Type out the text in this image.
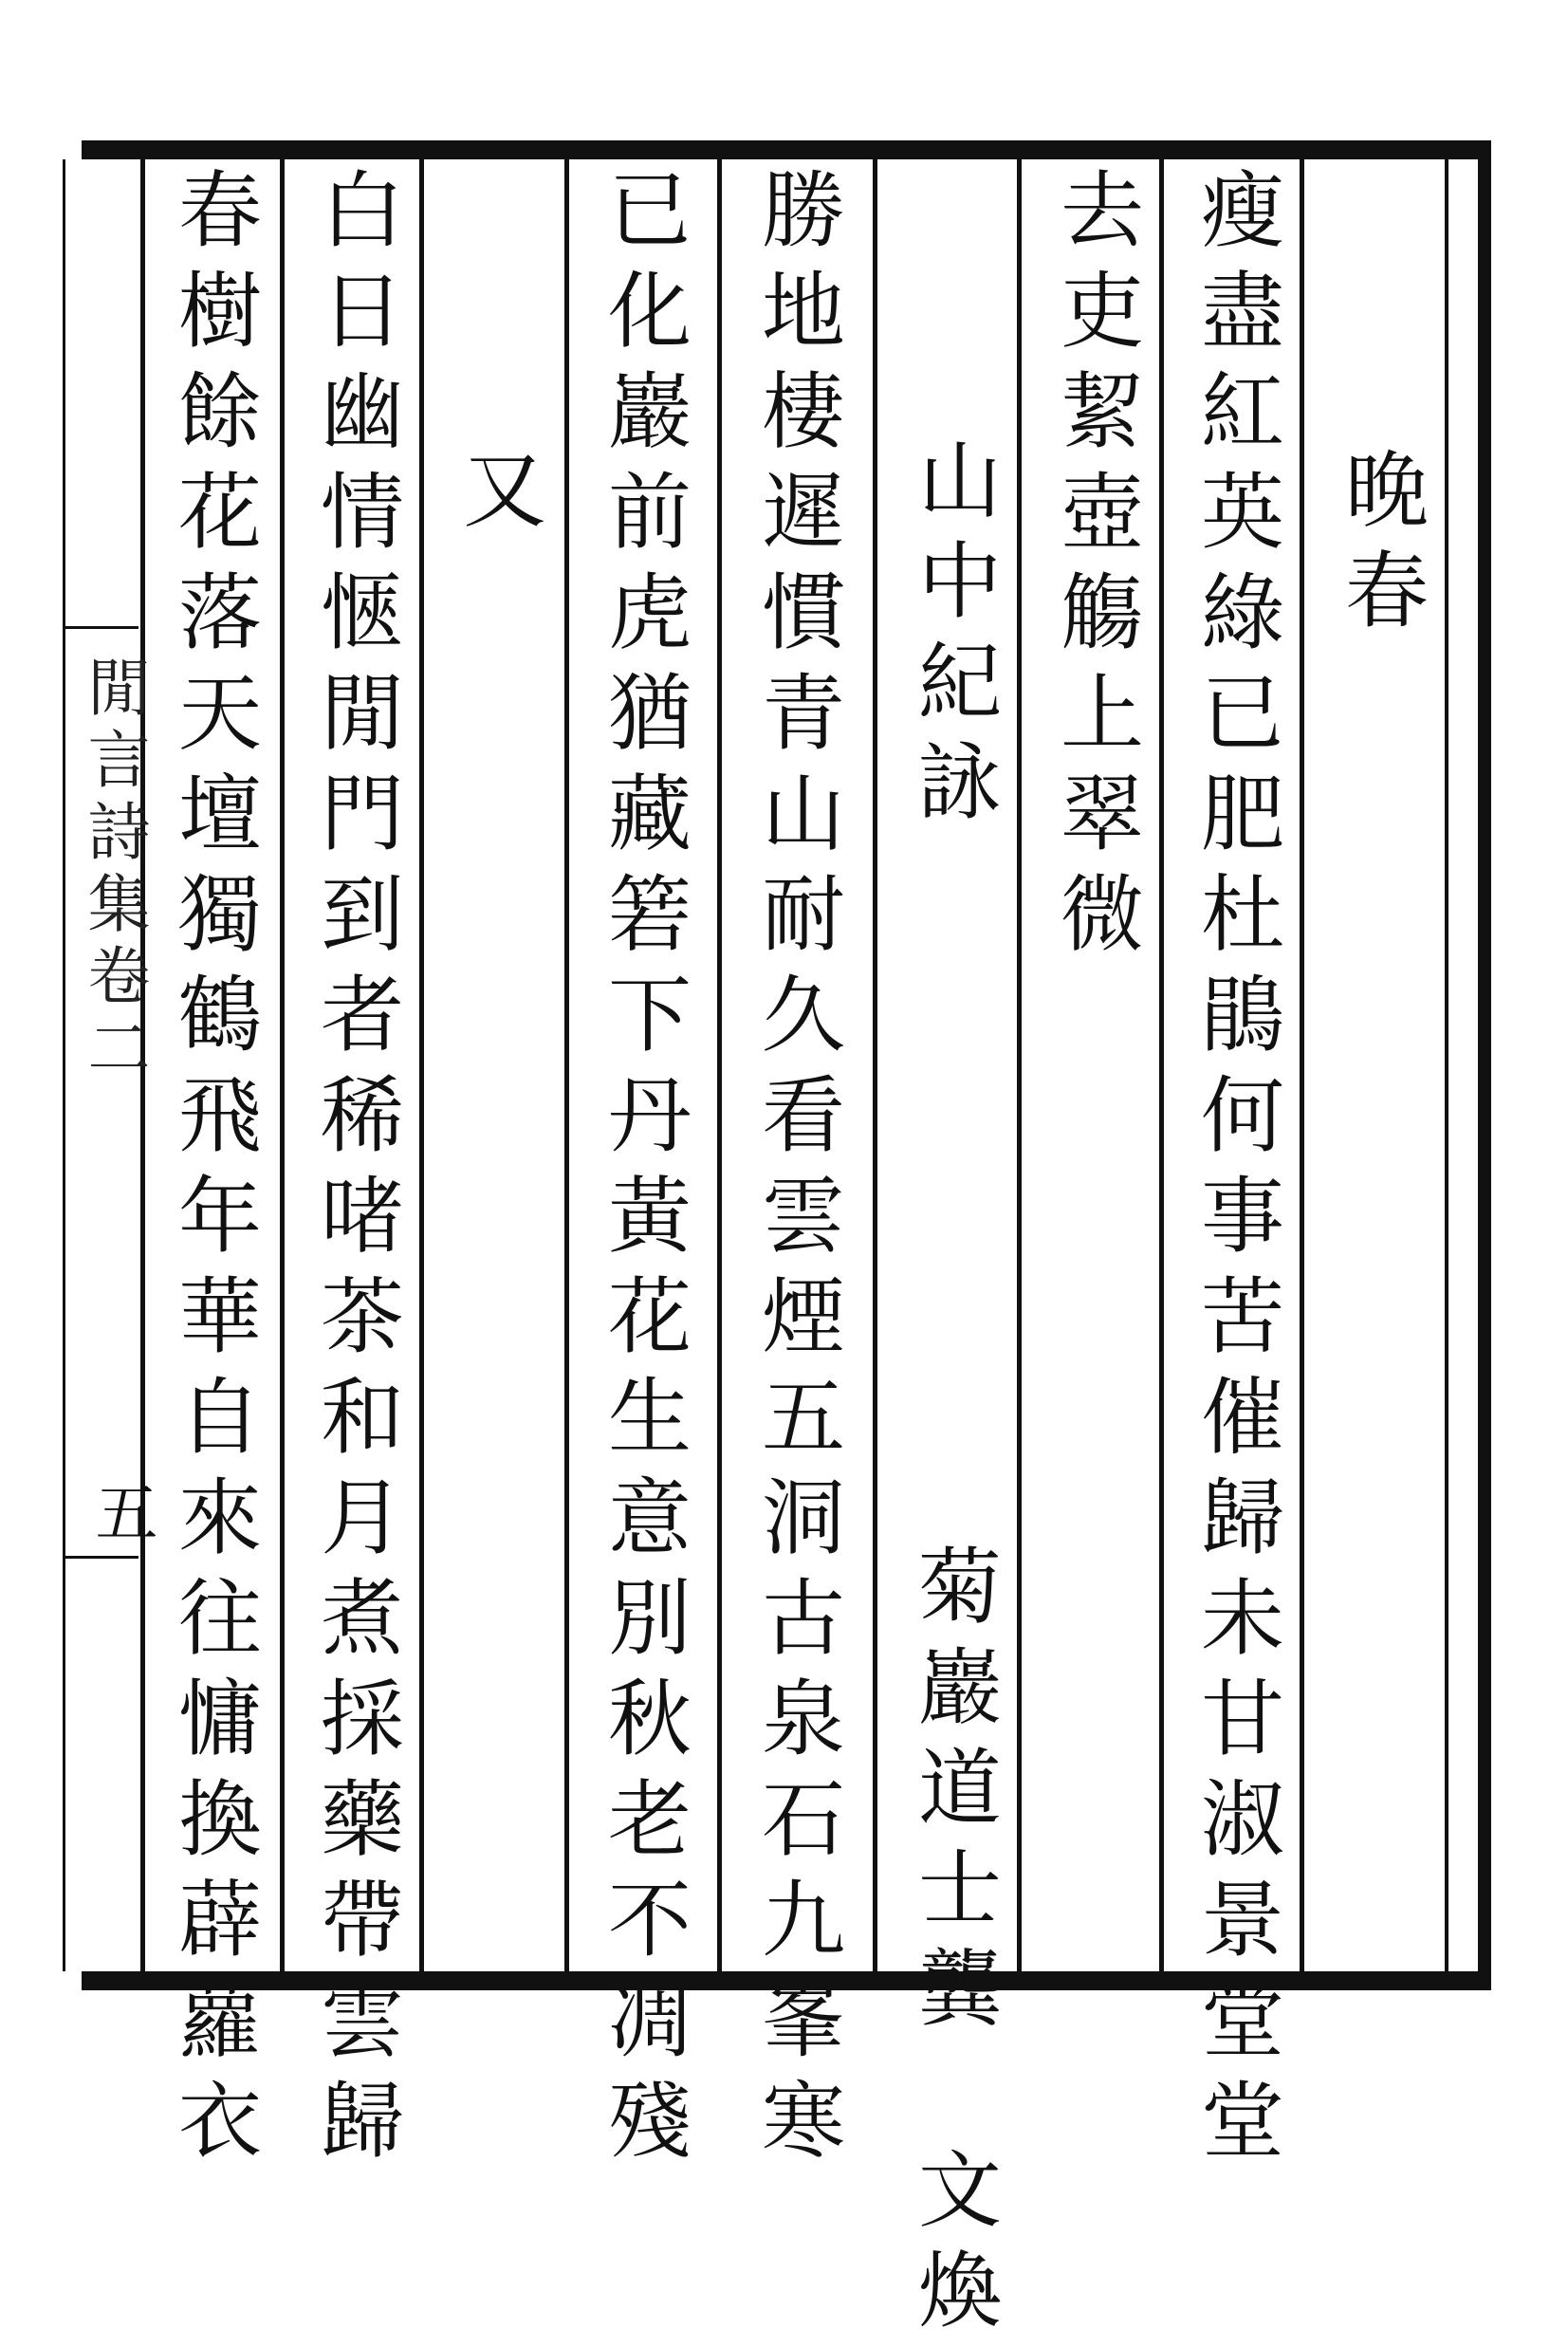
閒言詩集卷二
五	瘦盡紅英綠已肥杜鵑何事苦催歸未甘淑景堂堂 晚春
去吏絜壺觴上翠微
山中紀詠　　　　　　　菊巖道士龔　文煥
勝地棲遲慣青山耐久看雲煙五洞古泉石九峯寒
已化巖前虎猶藏箬下丹黃花生意別秋老不凋殘
又
白日幽情愜閒門到者稀啫茶和月煮採藥帶雲歸
春樹餘花落天壇獨鶴飛年華自來往慵換薜蘿衣
